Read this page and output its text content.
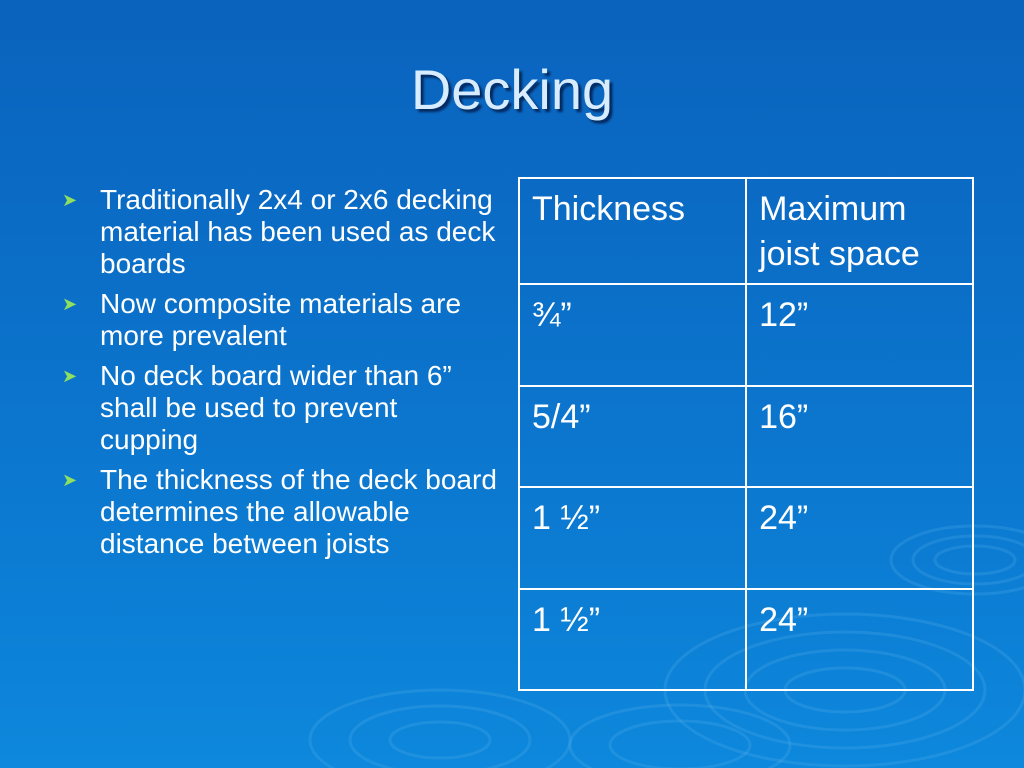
Decking
➤ Traditionally 2x4 or 2x6 decking material has been used as deck boards
➤ Now composite materials are more prevalent
➤ No deck board wider than 6” shall be used to prevent cupping
➤ The thickness of the deck board determines the allowable distance between joists
Thickness	Maximum joist space
¾”	12”
5/4”	16”
1 ½”	24”
1 ½”	24”
